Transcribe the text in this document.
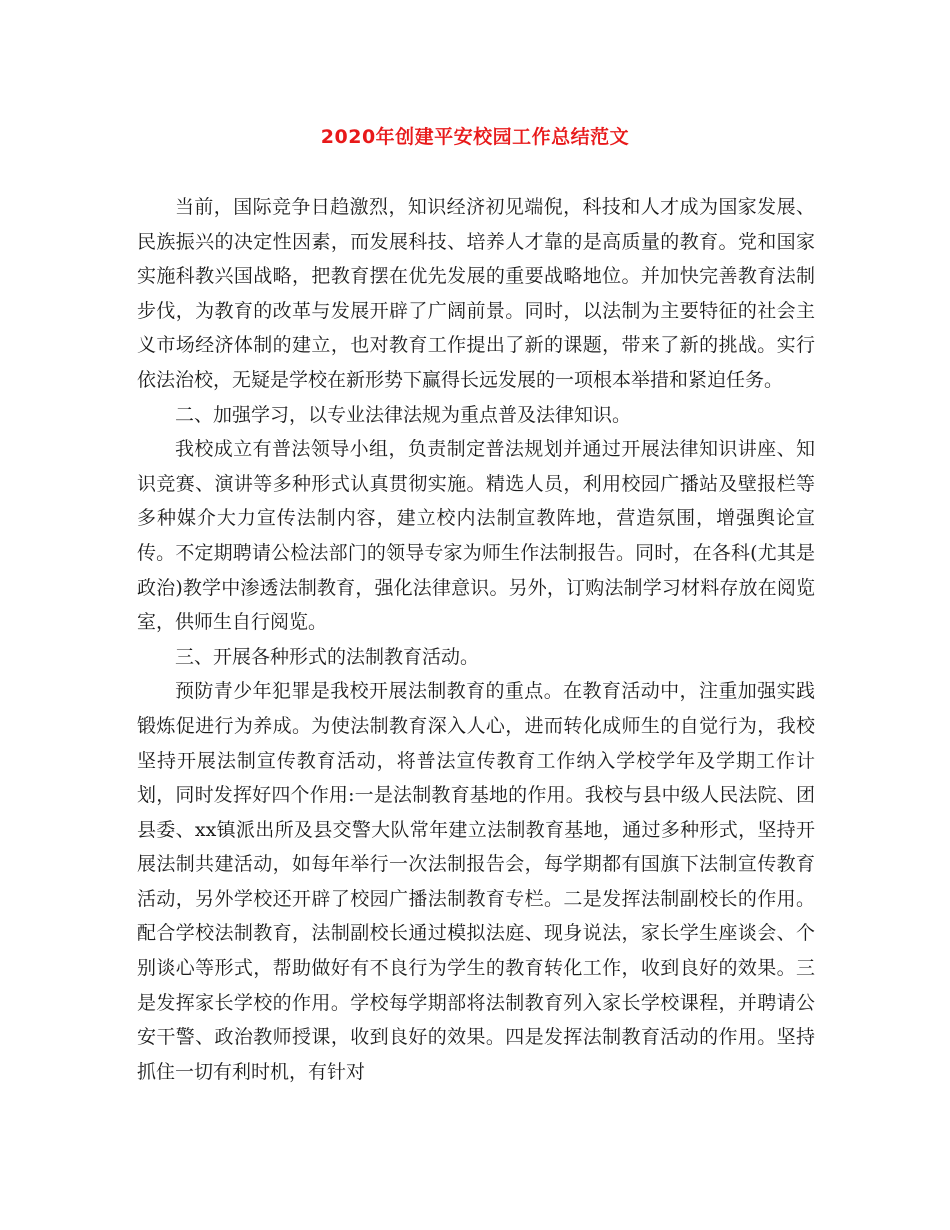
2020年创建平安校园工作总结范文

当前，国际竞争日趋激烈，知识经济初见端倪，科技和人才成为国家发展、民族振兴的决定性因素，而发展科技、培养人才靠的是高质量的教育。党和国家实施科教兴国战略，把教育摆在优先发展的重要战略地位。并加快完善教育法制步伐，为教育的改革与发展开辟了广阔前景。同时，以法制为主要特征的社会主义市场经济体制的建立，也对教育工作提出了新的课题，带来了新的挑战。实行依法治校，无疑是学校在新形势下赢得长远发展的一项根本举措和紧迫任务。

二、加强学习，以专业法律法规为重点普及法律知识。

我校成立有普法领导小组，负责制定普法规划并通过开展法律知识讲座、知识竞赛、演讲等多种形式认真贯彻实施。精选人员，利用校园广播站及壁报栏等多种媒介大力宣传法制内容，建立校内法制宣教阵地，营造氛围，增强舆论宣传。不定期聘请公检法部门的领导专家为师生作法制报告。同时，在各科(尤其是政治)教学中渗透法制教育，强化法律意识。另外，订购法制学习材料存放在阅览室，供师生自行阅览。

三、开展各种形式的法制教育活动。

预防青少年犯罪是我校开展法制教育的重点。在教育活动中，注重加强实践锻炼促进行为养成。为使法制教育深入人心，进而转化成师生的自觉行为，我校坚持开展法制宣传教育活动，将普法宣传教育工作纳入学校学年及学期工作计划，同时发挥好四个作用:一是法制教育基地的作用。我校与县中级人民法院、团县委、xx镇派出所及县交警大队常年建立法制教育基地，通过多种形式，坚持开展法制共建活动，如每年举行一次法制报告会，每学期都有国旗下法制宣传教育活动，另外学校还开辟了校园广播法制教育专栏。二是发挥法制副校长的作用。配合学校法制教育，法制副校长通过模拟法庭、现身说法，家长学生座谈会、个别谈心等形式，帮助做好有不良行为学生的教育转化工作，收到良好的效果。三是发挥家长学校的作用。学校每学期部将法制教育列入家长学校课程，并聘请公安干警、政治教师授课，收到良好的效果。四是发挥法制教育活动的作用。坚持抓住一切有利时机，有针对
